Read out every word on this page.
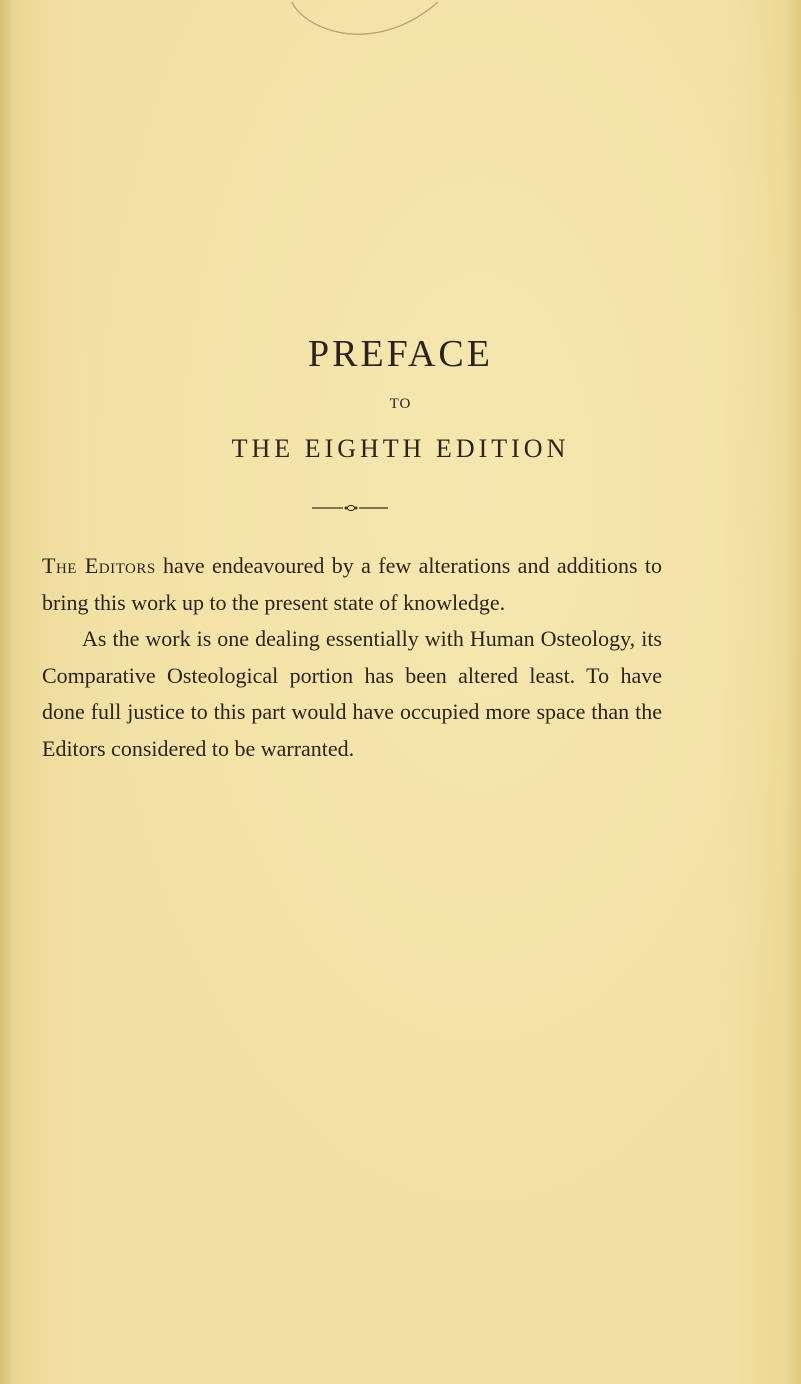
PREFACE
TO
THE EIGHTH EDITION

The Editors have endeavoured by a few alterations and additions to bring this work up to the present state of knowledge.

As the work is one dealing essentially with Human Osteology, its Comparative Osteological portion has been altered least. To have done full justice to this part would have occupied more space than the Editors considered to be warranted.
